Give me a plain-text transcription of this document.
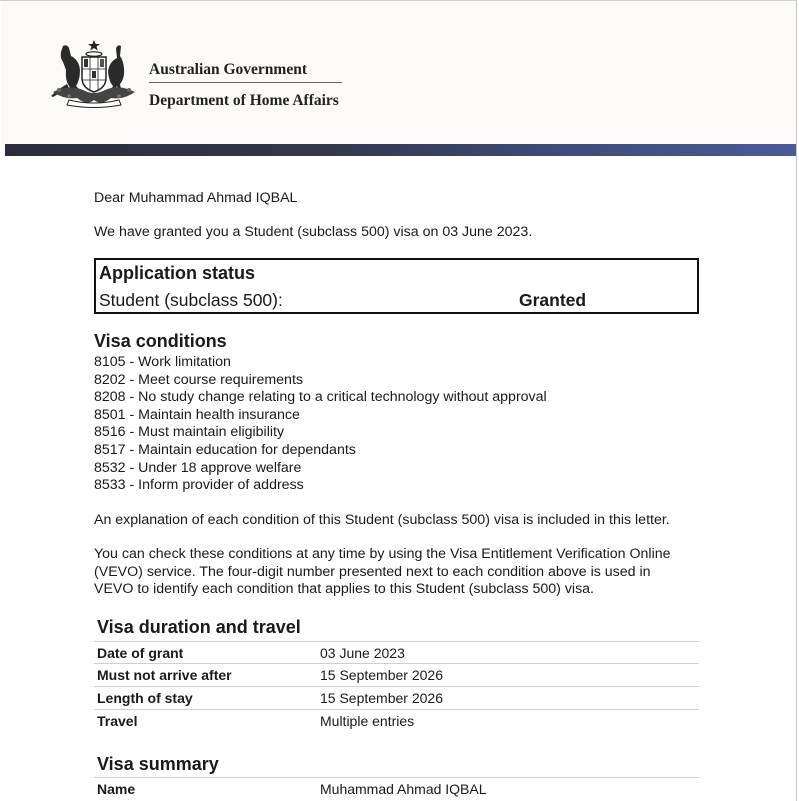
Australian Government
Department of Home Affairs
Dear Muhammad Ahmad IQBAL
We have granted you a Student (subclass 500) visa on 03 June 2023.
Application status
Student (subclass 500):	Granted
Visa conditions
8105 - Work limitation
8202 - Meet course requirements
8208 - No study change relating to a critical technology without approval
8501 - Maintain health insurance
8516 - Must maintain eligibility
8517 - Maintain education for dependants
8532 - Under 18 approve welfare
8533 - Inform provider of address
An explanation of each condition of this Student (subclass 500) visa is included in this letter.
You can check these conditions at any time by using the Visa Entitlement Verification Online
(VEVO) service. The four-digit number presented next to each condition above is used in
VEVO to identify each condition that applies to this Student (subclass 500) visa.
Visa duration and travel
Date of grant	03 June 2023
Must not arrive after	15 September 2026
Length of stay	15 September 2026
Travel	Multiple entries
Visa summary
Name	Muhammad Ahmad IQBAL
